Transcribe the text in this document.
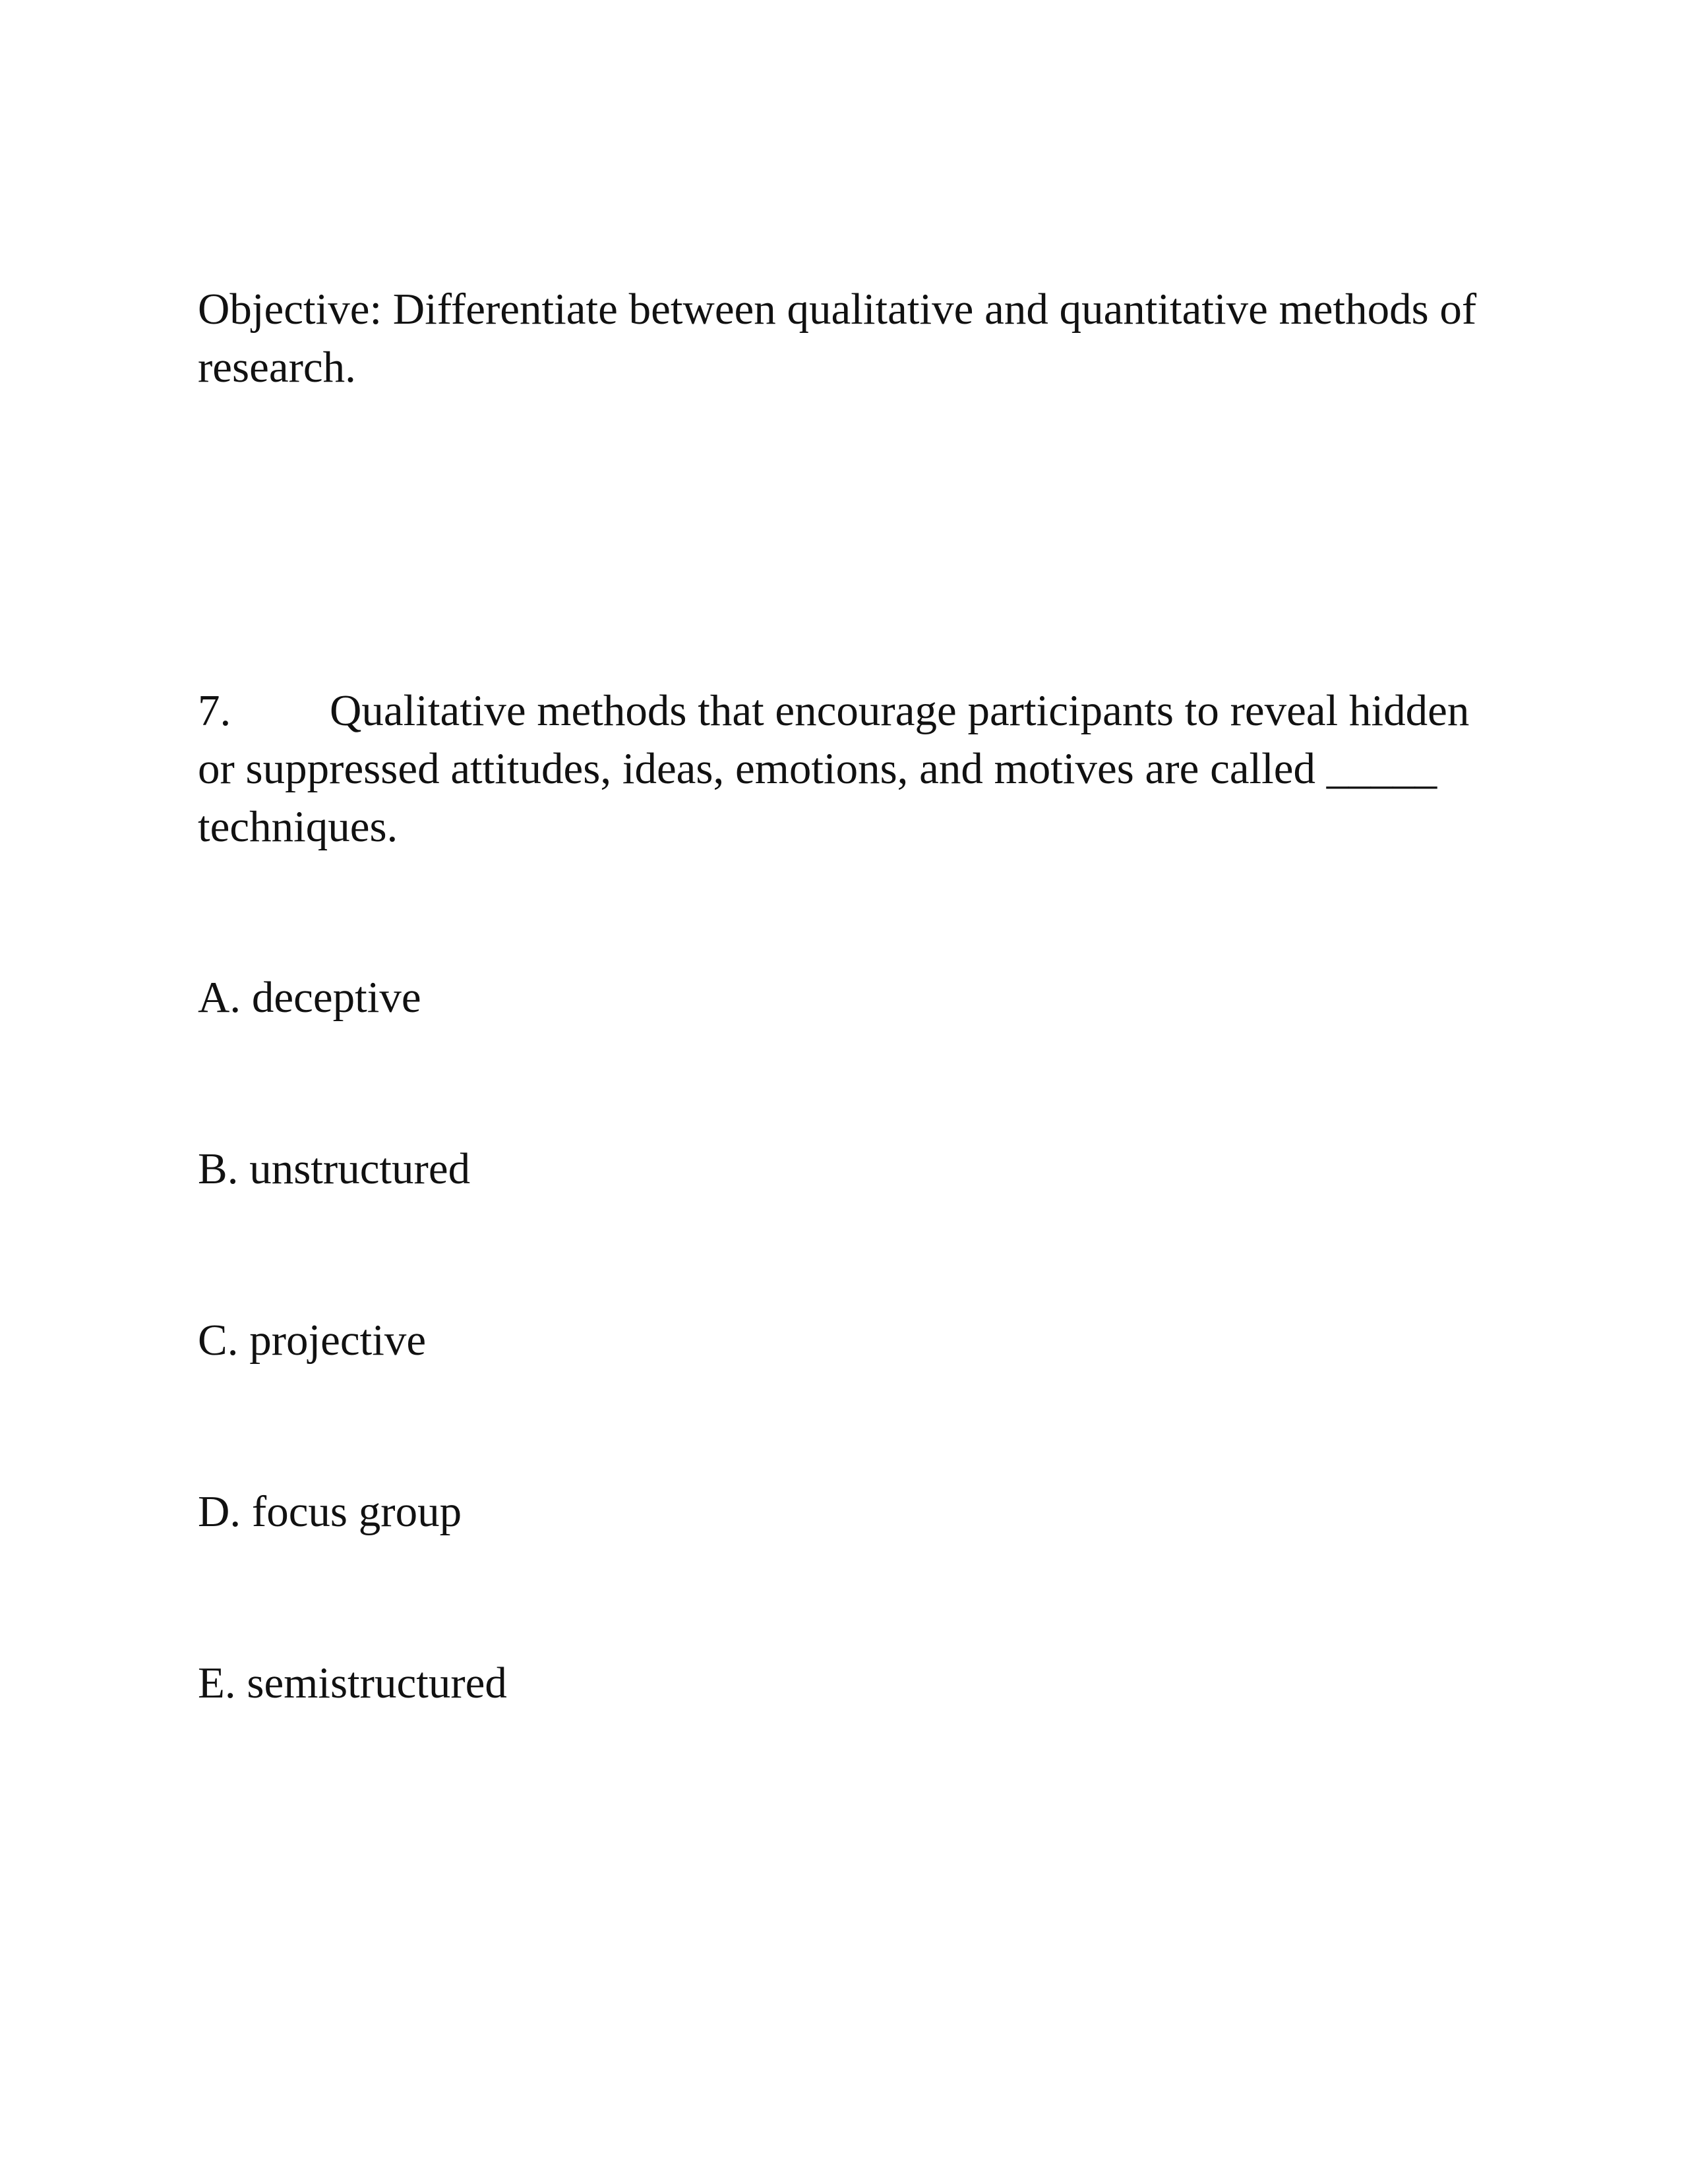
Objective: Differentiate between qualitative and quantitative methods of
research.
7. Qualitative methods that encourage participants to reveal hidden
or suppressed attitudes, ideas, emotions, and motives are called _____
techniques.
A. deceptive
B. unstructured
C. projective
D. focus group
E. semistructured
